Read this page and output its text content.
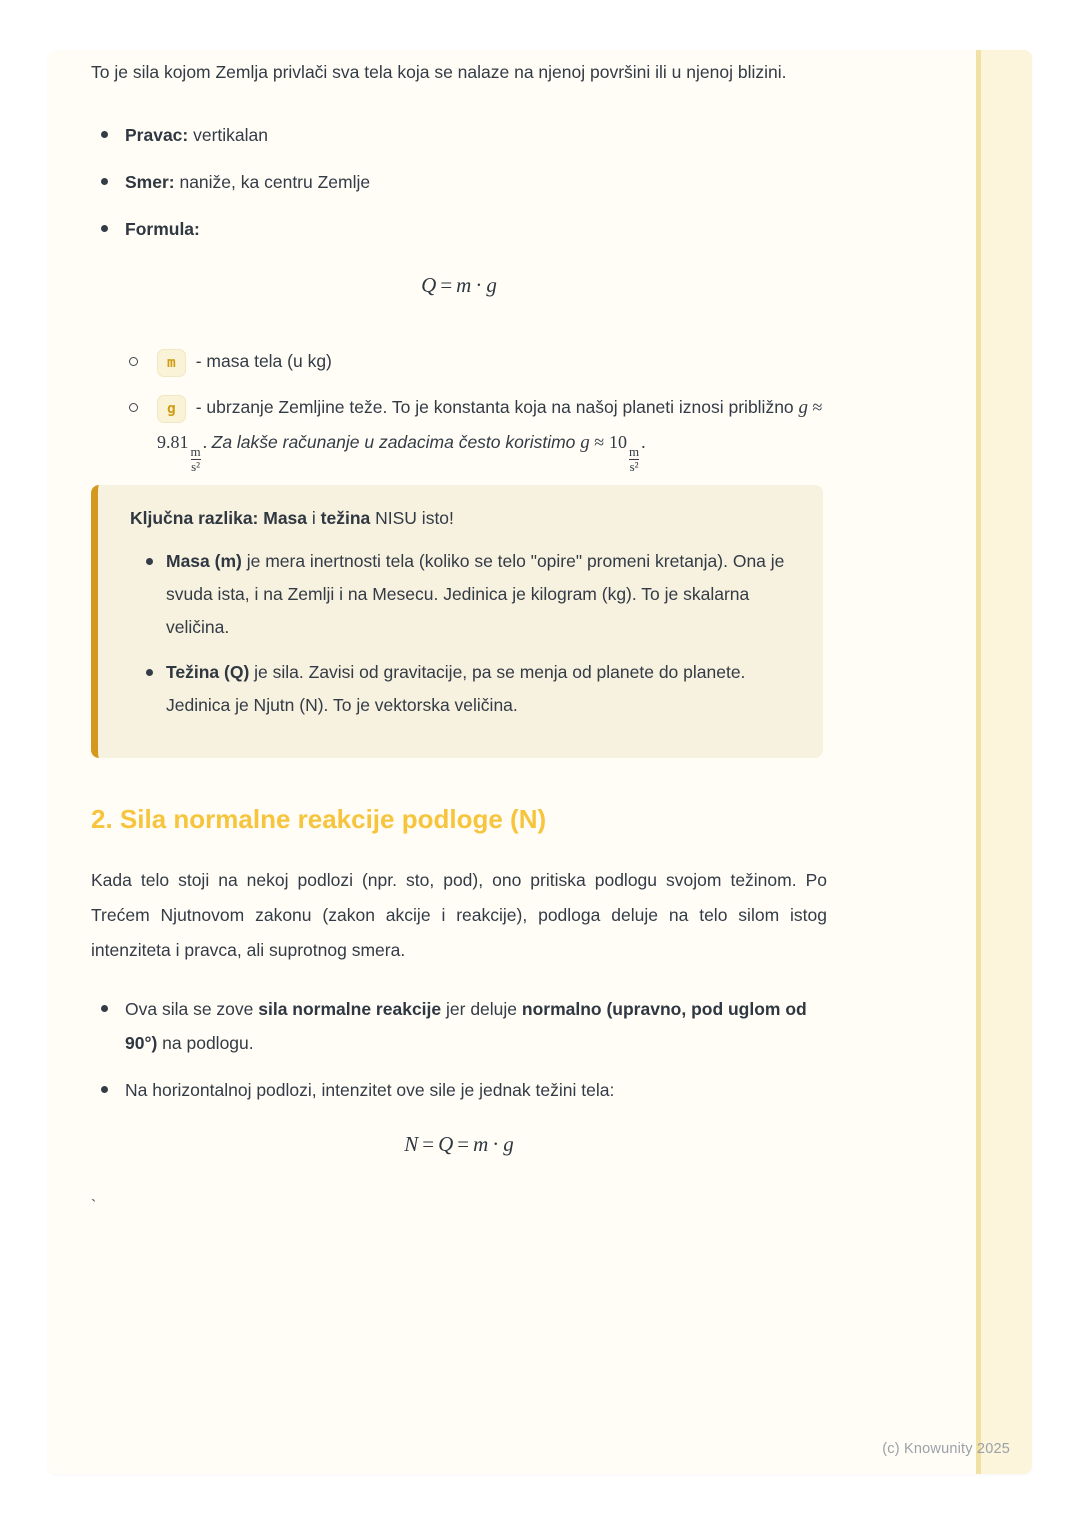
To je sila kojom Zemlja privlači sva tela koja se nalaze na njenoj površini ili u njenoj blizini.

Pravac: vertikalan
Smer: naniže, ka centru Zemlje
Formula:
Q = m · g
m - masa tela (u kg)
g - ubrzanje Zemljine teže. To je konstanta koja na našoj planeti iznosi približno g ≈ 9.81
$\frac{m}{\text{s²}}$
. Za lakše računanje u zadacima često koristimo g ≈ 10
$\frac{m}{\text{s²}}$
.
Ključna razlika: Masa i težina NISU isto!
Masa (m) je mera inertnosti tela (koliko se telo "opire" promeni kretanja). Ona je svuda ista, i na Zemlji i na Mesecu. Jedinica je kilogram (kg). To je skalarna veličina.
Težina (Q) je sila. Zavisi od gravitacije, pa se menja od planete do planete. Jedinica je Njutn (N). To je vektorska veličina.
2. Sila normalne reakcije podloge (N)

Kada telo stoji na nekoj podlozi (npr. sto, pod), ono pritiska podlogu svojom težinom. Po Trećem Njutnovom zakonu (zakon akcije i reakcije), podloga deluje na telo silom istog intenziteta i pravca, ali suprotnog smera.

Ova sila se zove sila normalne reakcije jer deluje normalno (upravno, pod uglom od 90°) na podlogu.
Na horizontalnoj podlozi, intenzitet ove sile je jednak težini tela:
N = Q = m · g

`

(c) Knowunity 2025
